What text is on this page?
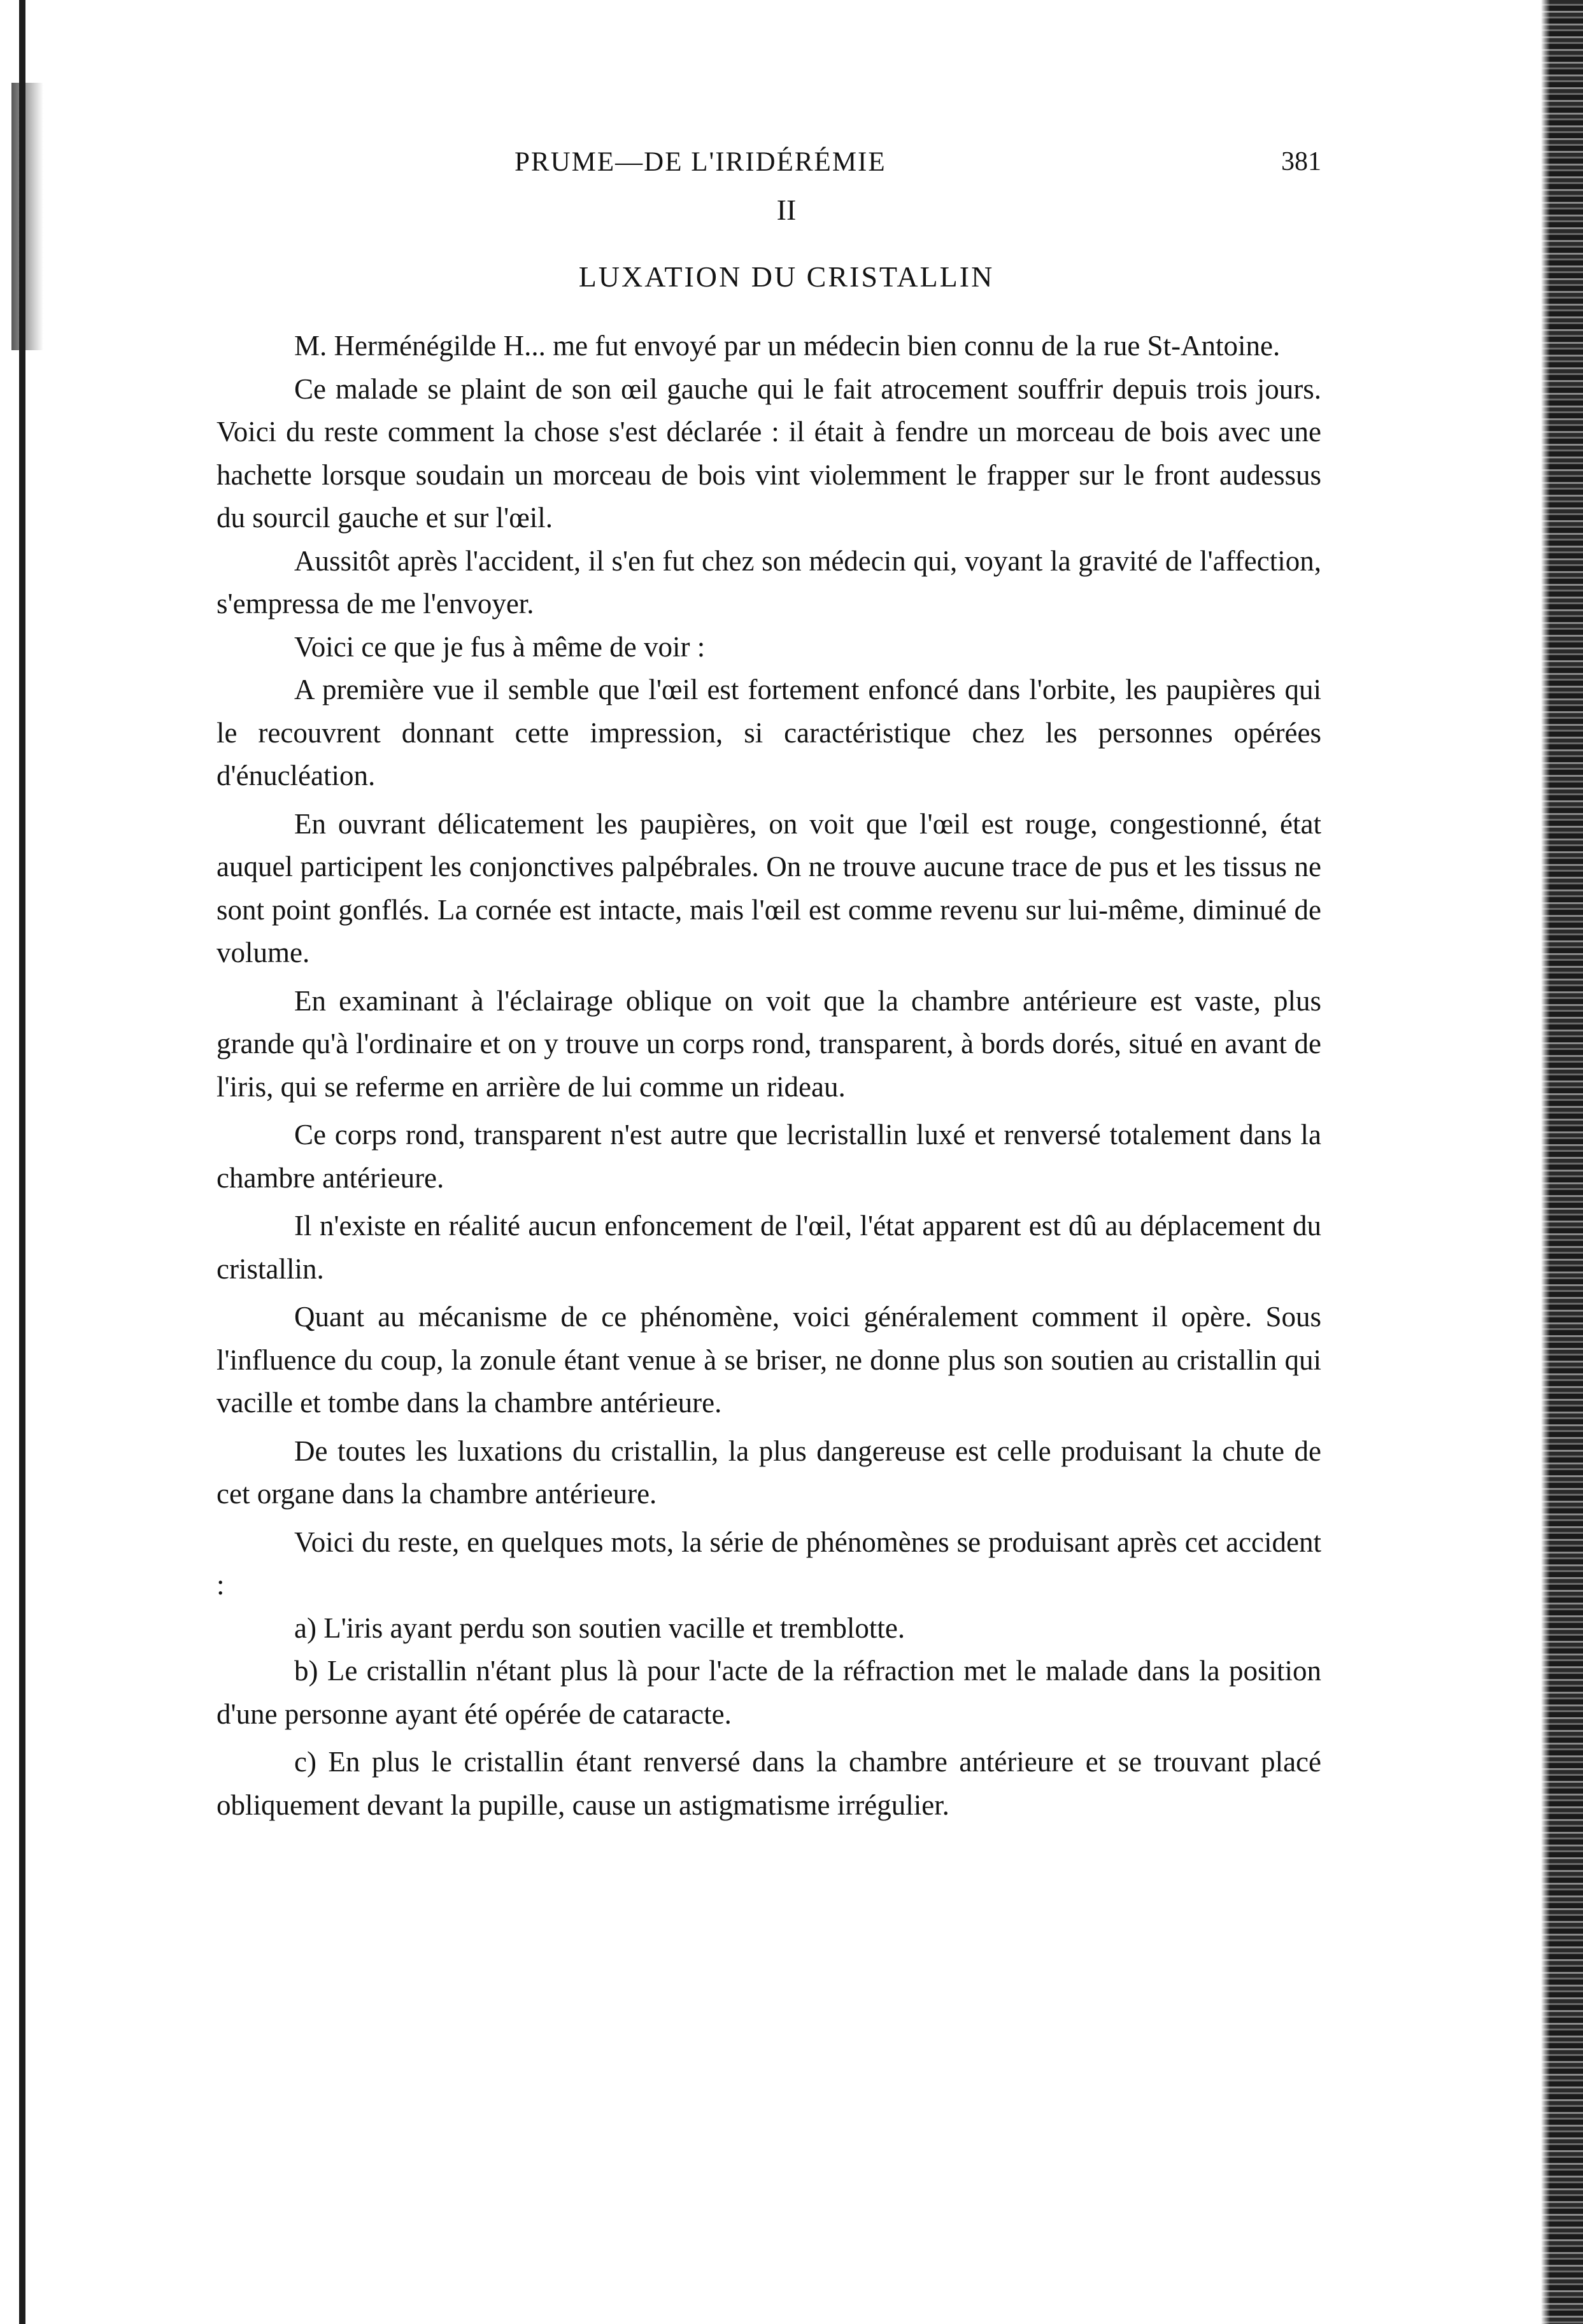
PRUME—DE L'IRIDÉRÉMIE	381
II
LUXATION DU CRISTALLIN

M. Herménégilde H... me fut envoyé par un médecin bien connu de la rue St-Antoine.

Ce malade se plaint de son œil gauche qui le fait atrocement souffrir depuis trois jours. Voici du reste comment la chose s'est déclarée : il était à fendre un morceau de bois avec une hachette lorsque soudain un morceau de bois vint violemment le frapper sur le front audessus du sourcil gauche et sur l'œil.

Aussitôt après l'accident, il s'en fut chez son médecin qui, voyant la gravité de l'affection, s'empressa de me l'envoyer.

Voici ce que je fus à même de voir :

A première vue il semble que l'œil est fortement enfoncé dans l'orbite, les paupières qui le recouvrent donnant cette impression, si caractéristique chez les personnes opérées d'énucléation.

En ouvrant délicatement les paupières, on voit que l'œil est rouge, congestionné, état auquel participent les conjonctives palpébrales. On ne trouve aucune trace de pus et les tissus ne sont point gonflés. La cornée est intacte, mais l'œil est comme revenu sur lui-même, diminué de volume.

En examinant à l'éclairage oblique on voit que la chambre antérieure est vaste, plus grande qu'à l'ordinaire et on y trouve un corps rond, transparent, à bords dorés, situé en avant de l'iris, qui se referme en arrière de lui comme un rideau.

Ce corps rond, transparent n'est autre que lecristallin luxé et renversé totalement dans la chambre antérieure.

Il n'existe en réalité aucun enfoncement de l'œil, l'état apparent est dû au déplacement du cristallin.

Quant au mécanisme de ce phénomène, voici généralement comment il opère. Sous l'influence du coup, la zonule étant venue à se briser, ne donne plus son soutien au cristallin qui vacille et tombe dans la chambre antérieure.

De toutes les luxations du cristallin, la plus dangereuse est celle produisant la chute de cet organe dans la chambre antérieure.

Voici du reste, en quelques mots, la série de phénomènes se produisant après cet accident :

a) L'iris ayant perdu son soutien vacille et tremblotte.

b) Le cristallin n'étant plus là pour l'acte de la réfraction met le malade dans la position d'une personne ayant été opérée de cataracte.

c) En plus le cristallin étant renversé dans la chambre antérieure et se trouvant placé obliquement devant la pupille, cause un astigmatisme irrégulier.
